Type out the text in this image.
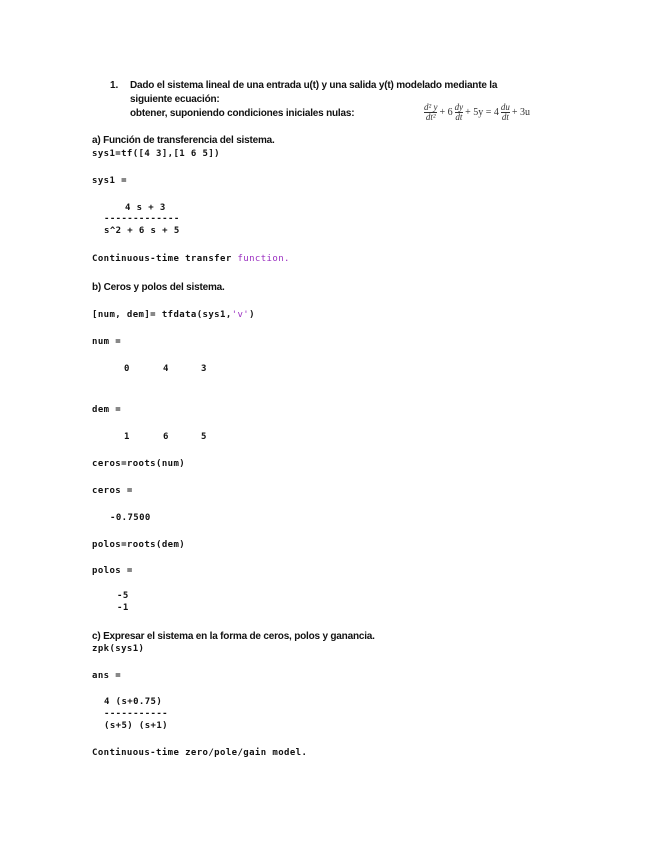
1. Dado el sistema lineal de una entrada u(t) y una salida y(t) modelado mediante la
siguiente ecuación:
obtener, suponiendo condiciones iniciales nulas:	$\frac{\text{d² y}}{\text{dt²}} + 6 \frac{dy}{dt} + 5y = 4 \frac{du}{dt} + 3u$
a) Función de transferencia del sistema.
sys1=tf([4 3],[1 6 5])
sys1 =
4 s + 3
-------------
s^2 + 6 s + 5
Continuous-time transfer function.
b) Ceros y polos del sistema.
[num, dem]= tfdata(sys1,'v')
num =
0	4	3
dem =
1	6	5
ceros=roots(num)
ceros =
-0.7500
polos=roots(dem)
polos =
-5
-1
c) Expresar el sistema en la forma de ceros, polos y ganancia.
zpk(sys1)
ans =
4 (s+0.75)
-----------
(s+5) (s+1)
Continuous-time zero/pole/gain model.
